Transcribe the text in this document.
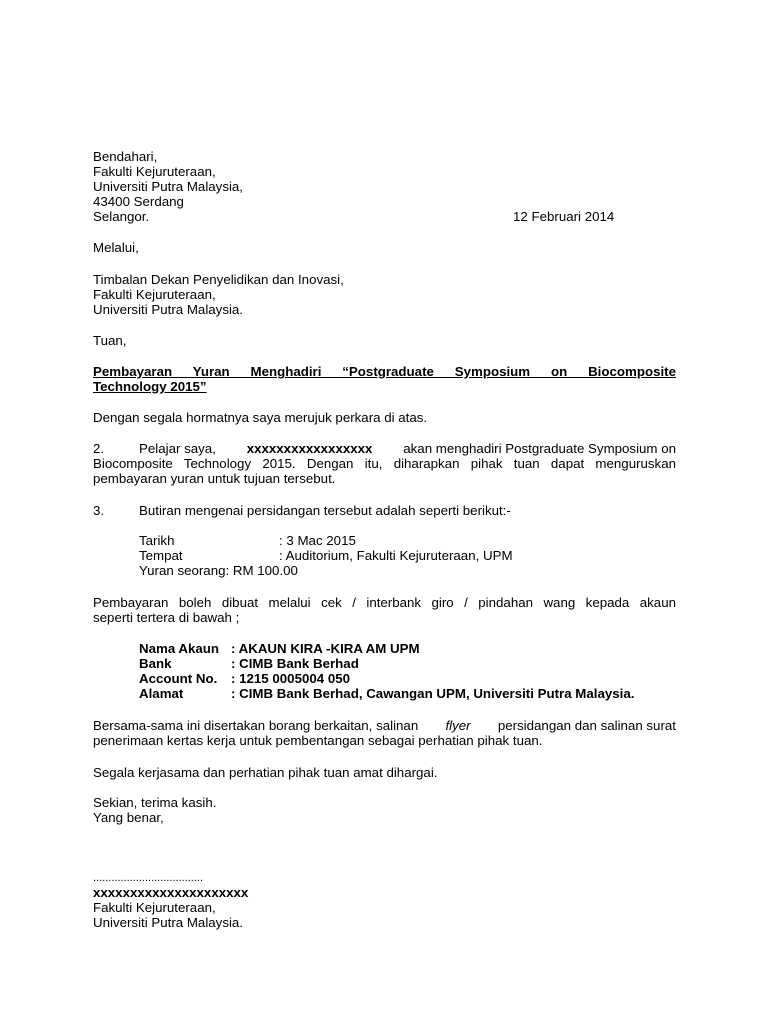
Bendahari,
Fakulti Kejuruteraan,
Universiti Putra Malaysia,
43400 Serdang
Selangor.	12 Februari 2014
Melalui,
Timbalan Dekan Penyelidikan dan Inovasi,
Fakulti Kejuruteraan,
Universiti Putra Malaysia.
Tuan,
Pembayaran Yuran Menghadiri “Postgraduate Symposium on Biocomposite
Technology 2015”
Dengan segala hormatnya saya merujuk perkara di atas.
2.	Pelajar saya, xxxxxxxxxxxxxxxxx akan menghadiri Postgraduate Symposium on
Biocomposite Technology 2015. Dengan itu, diharapkan pihak tuan dapat menguruskan
pembayaran yuran untuk tujuan tersebut.
3.	Butiran mengenai persidangan tersebut adalah seperti berikut:-
Tarikh	: 3 Mac 2015
Tempat	: Auditorium, Fakulti Kejuruteraan, UPM
Yuran seorang: RM 100.00
Pembayaran boleh dibuat melalui cek / interbank giro / pindahan wang kepada akaun
seperti tertera di bawah ;
Nama Akaun : AKAUN KIRA -KIRA AM UPM
Bank	: CIMB Bank Berhad
Account No. : 1215 0005004 050
Alamat	: CIMB Bank Berhad, Cawangan UPM, Universiti Putra Malaysia.
Bersama-sama ini disertakan borang berkaitan, salinan flyer persidangan dan salinan surat
penerimaan kertas kerja untuk pembentangan sebagai perhatian pihak tuan.
Segala kerjasama dan perhatian pihak tuan amat dihargai.
Sekian, terima kasih.
Yang benar,
....................................
xxxxxxxxxxxxxxxxxxxxx
Fakulti Kejuruteraan,
Universiti Putra Malaysia.
